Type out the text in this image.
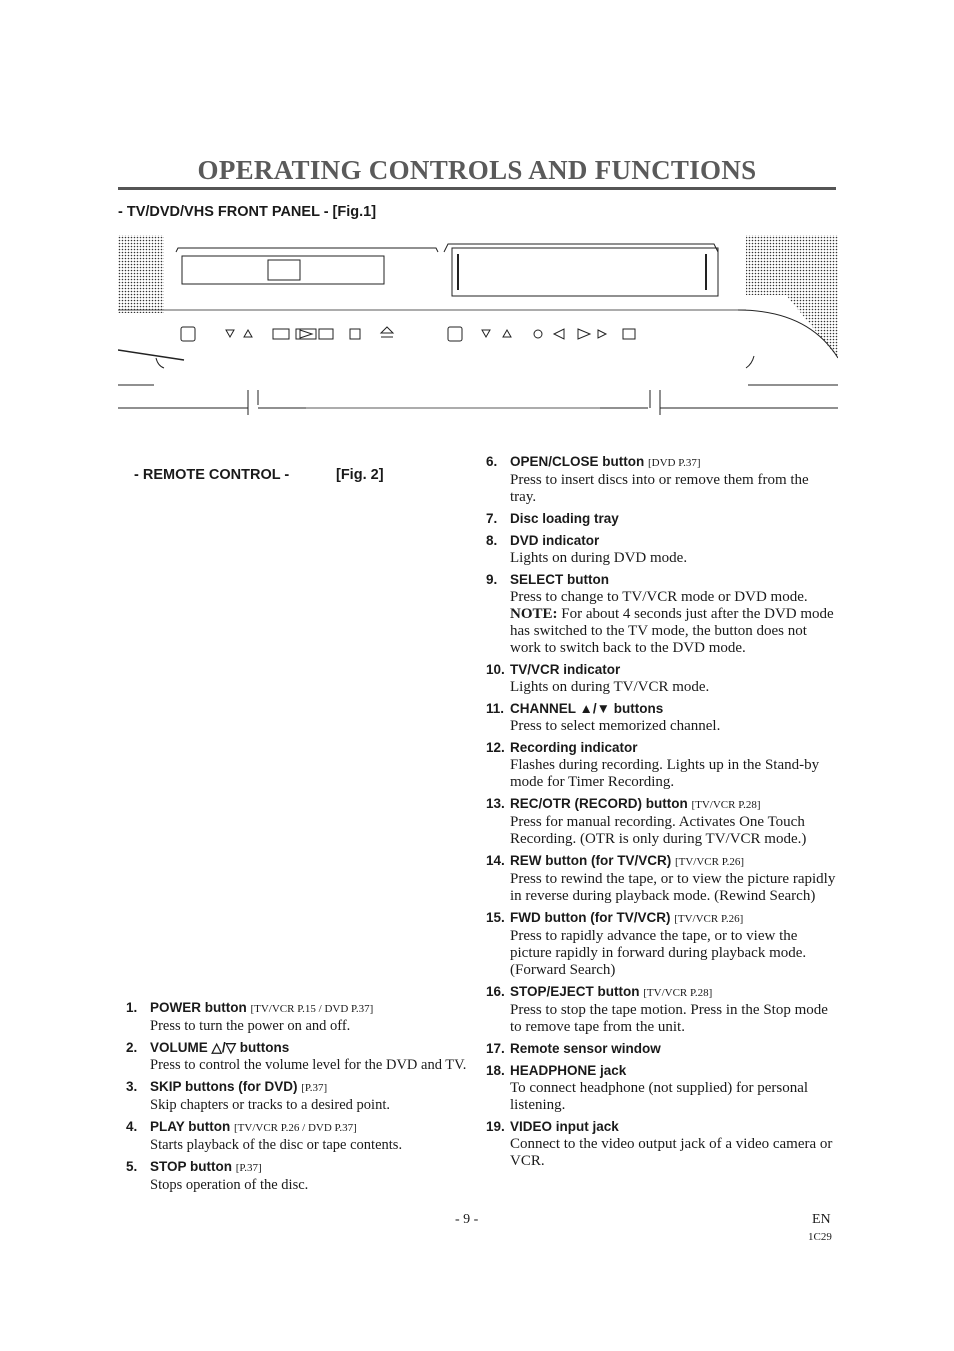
OPERATING CONTROLS AND FUNCTIONS
- TV/DVD/VHS FRONT PANEL - [Fig.1]
- REMOTE CONTROL -	[Fig. 2]
1. POWER button [TV/VCR P.15 / DVD P.37]
Press to turn the power on and off.
2. VOLUME △/▽ buttons
Press to control the volume level for the DVD and TV.
3. SKIP buttons (for DVD) [P.37]
Skip chapters or tracks to a desired point.
4. PLAY button [TV/VCR P.26 / DVD P.37]
Starts playback of the disc or tape contents.
5. STOP button [P.37]
Stops operation of the disc.
6. OPEN/CLOSE button [DVD P.37]
Press to insert discs into or remove them from the tray.
7. Disc loading tray
8. DVD indicator
Lights on during DVD mode.
9. SELECT button
Press to change to TV/VCR mode or DVD mode.
NOTE: For about 4 seconds just after the DVD mode has switched to the TV mode, the button does not work to switch back to the DVD mode.
10. TV/VCR indicator
Lights on during TV/VCR mode.
11. CHANNEL ▲/▼ buttons
Press to select memorized channel.
12. Recording indicator
Flashes during recording. Lights up in the Stand-by mode for Timer Recording.
13. REC/OTR (RECORD) button [TV/VCR P.28]
Press for manual recording. Activates One Touch Recording. (OTR is only during TV/VCR mode.)
14. REW button (for TV/VCR) [TV/VCR P.26]
Press to rewind the tape, or to view the picture rapidly in reverse during playback mode. (Rewind Search)
15. FWD button (for TV/VCR) [TV/VCR P.26]
Press to rapidly advance the tape, or to view the picture rapidly in forward during playback mode. (Forward Search)
16. STOP/EJECT button [TV/VCR P.28]
Press to stop the tape motion. Press in the Stop mode to remove tape from the unit.
17. Remote sensor window
18. HEADPHONE jack
To connect headphone (not supplied) for personal listening.
19. VIDEO input jack
Connect to the video output jack of a video camera or VCR.
- 9 -	EN
1C29
